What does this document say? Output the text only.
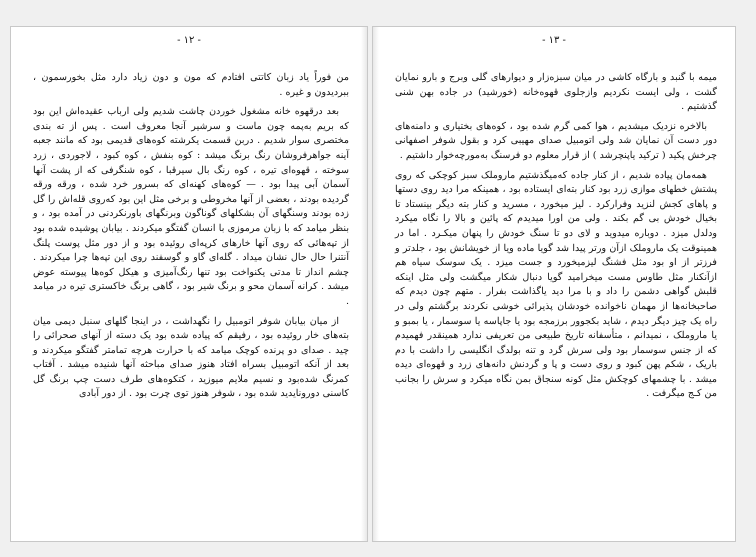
- ١٢ -

من فوراً یاد زبان کاتتی افتادم که مون و دون زیاد دارد مثل بخورسمون ، ببردیدون و غیره .

بعد درقهوه خانه مشغول خوردن چاشت شدیم ولی ارباب عقیده‌اش این بود که بریم به‌پمه چون ماست و سرشیر آنجا معروف است . پس از ته بندی مختصری سوار شدیم . دربن قسمت یکرشته کوه‌های قدیمی بود که مانند جعبه آینه جواهرفروشان رنگ برنگ میشد : کوه بنفش ، کوه کبود ، لاجوردی ، زرد سوخته ، قهوه‌ای تیره ، کوه رنگ بال سیرقبا ، کوه شنگرفی که از پشت آنها آسمان آبی پیدا بود . — کوه‌های کهنه‌ای که بسرور خرد شده ، ورقه ورقه گردیده بودند ، بعضی از آنها مخروطی و برخی مثل این بود که‌روی قله‌اش را گل زده بودند وسنگهای آن بشکلهای گوناگون وبرنگهای باورنکردنی در آمده بود ، و بنظر میامد که با زبان مرموزی با انسان گفتگو میکردند . بیابان پوشیده شده بود از تپه‌هائی که روی آنها خارهای کرپه‌ای روئیده بود و از دور مثل پوست پلنگ آنتنرا حال حال نشان میداد . گله‌ای گاو و گوسفند روی این تپه‌ها چرا میکردند . چشم انداز تا مدتی یکنواخت بود تنها رنگ‌آمیزی و هیکل کوه‌ها پیوسته عوض میشد . کرانه آسمان محو و برنگ شیر بود ، گاهی برنگ خاکستری تیره در میامد .

از میان بیابان شوفر اتومبیل را نگهداشت ، در اینجا گلهای سنبل دیمی میان بته‌های خار روئیده بود ، رفیقم که پیاده شده بود یک دسته از آنهای صحرائی را چید . صدای دو پرنده کوچک میامد که با حرارت هرچه تمامتر گفتگو میکردند و بعد از آنکه اتومبیل بسراه افتاد هنوز صدای مباحثه آنها شنیده میشد . آفتاب کمرنگ شده‌بود و نسیم ملایم میوزید ، کتکوه‌های طرف دست چپ برنگ گل کاسنی دورونایدید شده بود ، شوفر هنوز توی چرت بود . از دور آبادی

- ١٣ -

میمه با گنبد و بارگاه کاشی در میان سبزه‌زار و دیوارهای گلی وبرج و بارو نمایان گشت ، ولی ایست نکردیم وازجلوی قهوه‌خانه (خورشید) در جاده بهن شنی گذشتیم .

بالاخره نزدیک میشدیم ، هوا کمی گرم شده بود ، کوه‌های بختیاری و دامنه‌های دور دست آن نمایان شد ولی اتومبیل صدای مهیبی کرد و بقول شوفر اصفهانی چرخش پکید ( ترکید یاپنچرشد ) از قرار معلوم دو فرسنگ به‌مورچه‌خوار داشتیم .

همه‌مان پیاده شدیم ، از کنار جاده که‌میگذشتیم ماروملک سبز کوچکی که روی پشتش خطهای موازی زرد بود کنار بته‌ای ایستاده بود ، همینکه مرا دید روی دستها و پاهای کجش لنزید وفرارکرد . لیز میخورد ، مسرید و کنار بته دیگر بینستاد تا بخیال خودش بی گم بکند . ولی من اورا میدیدم که پائین و بالا را نگاه میکرد ودلدل میزد . دوباره میدوید و لای دو تا سنگ خودش را پنهان میکـرد . اما در همینوقت یک ماروملک ازآن ورتر پیدا شد گویا ماده ویا از خویشانش بود ، جلدتر و فرزتر از او بود مثل فشنگ لیزمیخورد و جست میزد . یک سوسک سیاه هم ازآنکنار مثل طاوس مست میخرامید گویا دنبال شکار میگشت ولی مثل اینکه قلبش گواهی دشمن را داد و با مرا دید یاگذاشت بفرار . متهم چون دیدم که صاحبخانه‌ها از مهمان ناخوانده خودشان پذیرائی خوشی نکردند برگشتم ولی در راه یک چیز دیگر دیدم ، شاید بکجوور برزمجه بود یا جاپاسه یا سوسمار ، یا بمبو و یا ماروملک ، نمیدانم ، متأسفانه تاریخ طبیعی من تعریفی ندارد همینقدر فهمیدم که از جنس سوسمار بود ولی سرش گرد و تنه بولدگ انگلیسی را داشت با دم باریک ، شکم پهن کبود و روی دست و پا و گردنش دانه‌های زرد و قهوه‌ای دیده میشد . با چشمهای کوچکش مثل کونه سنجاق بمن نگاه میکرد و سرش را بجانب من کـج میگرفت .
